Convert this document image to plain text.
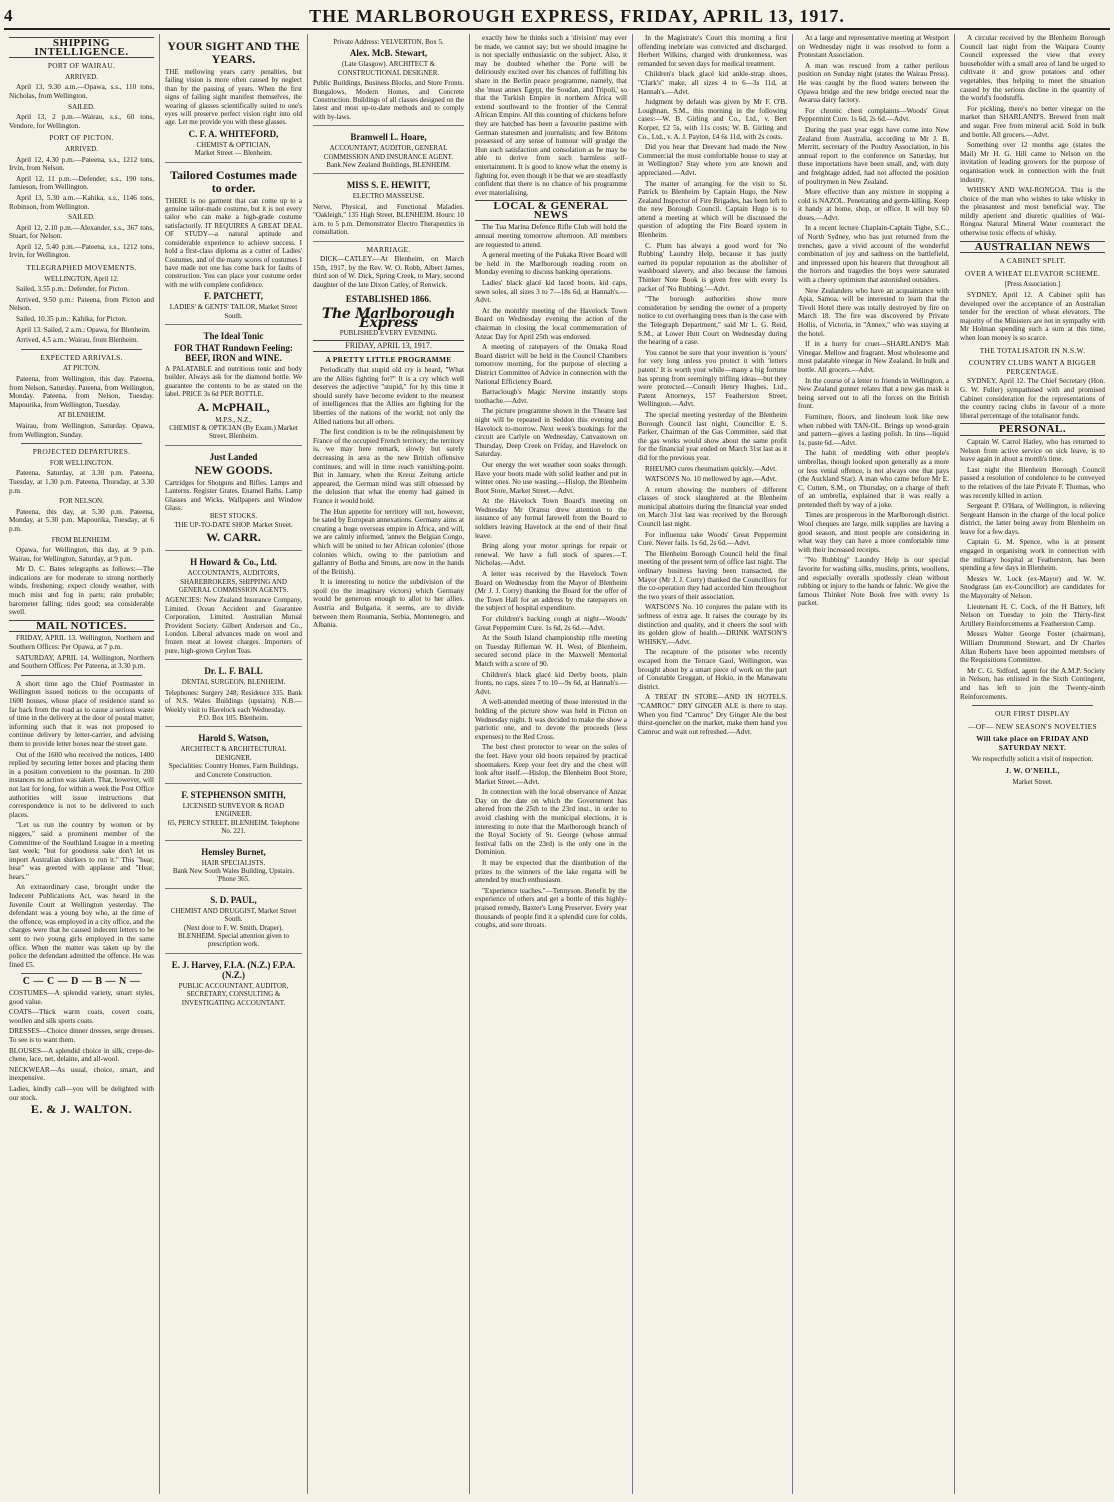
4	THE MARLBOROUGH EXPRESS, FRIDAY, APRIL 13, 1917.
SHIPPING INTELLIGENCE.
PORT OF WAIRAU.
ARRIVED.

April 13, 9.30 a.m.—Opawa, s.s., 110 tons, Nicholas, from Wellington.

SAILED.

April 13, 2 p.m.—Wairau, s.s., 60 tons, Vendore, for Wellington.

PORT OF PICTON.
ARRIVED.

April 12, 4.30 p.m.—Pateena, s.s., 1212 tons, Irvin, from Nelson.

April 12, 11 p.m.—Defender, s.s., 190 tons, Jamieson, from Wellington.

April 13, 5.30 a.m.—Kahika, s.s., 1146 tons, Robinson, from Wellington.

SAILED.

April 12, 2.10 p.m.—Alexander, s.s., 367 tons, Stuart, for Nelson.

April 12, 5.40 p.m.—Pateena, s.s., 1212 tons, Irvin, for Wellington.

TELEGRAPHED MOVEMENTS.
WELLINGTON, April 12.

Sailed, 3.55 p.m.: Defender, for Picton.

Arrived, 9.50 p.m.: Pateena, from Picton and Nelson.

Sailed, 10.35 p.m.: Kahika, for Picton.

April 13. Sailed, 2 a.m.: Opawa, for Blenheim.

Arrived, 4.5 a.m.: Wairau, from Blenheim.

EXPECTED ARRIVALS.
AT PICTON.

Pateena, from Wellington, this day. Pateena, from Nelson, Saturday. Pateena, from Wellington, Monday. Pateena, from Nelson, Tuesday. Mapourika, from Wellington, Tuesday.

AT BLENHEIM.

Wairau, from Wellington, Saturday. Opawa, from Wellington, Sunday.

PROJECTED DEPARTURES.
FOR WELLINGTON.

Pateena, Saturday, at 3.30 p.m. Pateena, Tuesday, at 1.30 p.m. Pateena, Thursday, at 3.30 p.m.

FOR NELSON.

Pateena, this day, at 5.30 p.m. Pateena, Monday, at 5.30 p.m. Mapourika, Tuesday, at 6 p.m.

FROM BLENHEIM.

Opawa, for Wellington, this day, at 9 p.m. Wairau, for Wellington, Saturday, at 9 p.m.

Mr D. C. Bates telegraphs as follows:—The indications are for moderate to strong northerly winds, freshening; expect cloudy weather, with much mist and fog in parts; rain probable; barometer falling; tides good; sea considerable swell.

MAIL NOTICES.

FRIDAY, APRIL 13. Wellington, Northern and Southern Offices: Per Opawa, at 7 p.m.

SATURDAY, APRIL 14. Wellington, Northern and Southern Offices: Per Pateena, at 3.30 p.m.

A short time ago the Chief Postmaster in Wellington issued notices to the occupants of 1600 houses, whose place of residence stand so far back from the road as to cause a serious waste of time in the delivery at the door of postal matter, informing such that it was not proposed to continue delivery by letter-carrier, and advising them to provide letter boxes near the street gate.

Out of the 1600 who received the notices, 1400 replied by securing letter boxes and placing them in a position convenient to the postman. In 200 instances no action was taken. That, however, will not last for long, for within a week the Post Office authorities will issue instructions that correspondence is not to be delivered to such places.

"Let us run the country by women or by niggers," said a prominent member of the Committee of the Southland League in a meeting last week; "but for goodness sake don't let us import Australian shirkers to run it." This "hear, hear" was greeted with applause and "Hear, hears."

An extraordinary case, brought under the Indecent Publications Act, was heard in the Juvenile Court at Wellington yesterday. The defendant was a young boy who, at the time of the offence, was employed in a city office, and the charges were that he caused indecent letters to be sent to two young girls employed in the same office. When the matter was taken up by the police the defendant admitted the offence. He was fined £5.

C — C — D — B — N —

COSTUMES—A splendid variety, smart styles, good value.

COATS—Thick warm coats, covert coats, woollen and silk sports coats.

DRESSES—Choice dinner dresses, serge dresses. To see is to want them.

BLOUSES—A splendid choice in silk, crepe-de-chene, lace, net, delaine, and all-wool.

NECKWEAR—As usual, choice, smart, and inexpensive.

Ladies, kindly call—you will be delighted with our stock.

E. & J. WALTON.
YOUR SIGHT AND THE YEARS.
THE mellowing years carry penalties, but failing vision is more often caused by neglect than by the passing of years. When the first signs of failing sight manifest themselves, the wearing of glasses scientifically suited to one's eyes will preserve perfect vision right into old age. Let me provide you with these glasses.
C. F. A. WHITEFORD,
CHEMIST & OPTICIAN,
Market Street — Blenheim.
Tailored Costumes made to order.
THERE is no garment that can come up to a genuine tailor-made costume, but it is not every tailor who can make a high-grade costume satisfactorily. IT REQUIRES A GREAT DEAL OF STUDY—a natural aptitude and considerable experience to achieve success. I hold a first-class diploma as a cutter of Ladies' Costumes, and of the many scores of costumes I have made not one has come back for faults of construction. You can place your costume order with me with complete confidence.
F. PATCHETT,
LADIES' & GENTS' TAILOR, Market Street South.
The Ideal Tonic
FOR THAT Rundown Feeling: BEEF, IRON and WINE.
A PALATABLE and nutritious tonic and body builder. Always ask for the diamond bottle. We guarantee the contents to be as stated on the label. PRICE 3s 6d PER BOTTLE.
A. McPHAIL,
M.P.S., N.Z.,
CHEMIST & OPTICIAN (By Exam.) Market Street, Blenheim.
Just Landed
NEW GOODS.
Cartridges for Shotguns and Rifles. Lamps and Lanterns. Register Grates. Enamel Baths. Lamp Glasses and Wicks. Wallpapers and Window Glass.
BEST STOCKS.
THE UP-TO-DATE SHOP. Market Street.
W. CARR.
H Howard & Co., Ltd.
ACCOUNTANTS, AUDITORS, SHAREBROKERS, SHIPPING AND GENERAL COMMISSION AGENTS.
AGENCIES: New Zealand Insurance Company, Limited. Ocean Accident and Guarantee Corporation, Limited. Australian Mutual Provident Society. Gilbert Anderson and Co., London. Liberal advances made on wool and frozen meat at lowest charges. Importers of pure, high-grown Ceylon Teas.
Dr. L. F. BALL
DENTAL SURGEON, BLENHEIM.
Telephones: Surgery 248; Residence 335. Bank of N.S. Wales Buildings (upstairs). N.B.—Weekly visit to Havelock each Wednesday.
P.O. Box 105. Blenheim.
Harold S. Watson,
ARCHITECT & ARCHITECTURAL DESIGNER.
Specialities: Country Homes, Farm Buildings, and Concrete Construction.
F. STEPHENSON SMITH,
LICENSED SURVEYOR & ROAD ENGINEER.
65, PERCY STREET, BLENHEIM. Telephone No. 221.
Hemsley Burnet,
HAIR SPECIALISTS.
Bank New South Wales Building, Upstairs. 'Phone 365.
S. D. PAUL,
CHEMIST AND DRUGGIST, Market Street South.
(Next door to F. W. Smith, Draper). BLENHEIM. Special attention given to prescription work.
E. J. Harvey, F.I.A. (N.Z.) F.P.A. (N.Z.)
PUBLIC ACCOUNTANT, AUDITOR, SECRETARY, CONSULTING & INVESTIGATING ACCOUNTANT.
Private Address: YELVERTON, Box 5.
Alex. McB. Stewart,
(Late Glasgow). ARCHITECT & CONSTRUCTIONAL DESIGNER.
Public Buildings, Business Blocks, and Store Fronts. Bungalows, Modern Homes, and Concrete Construction. Buildings of all classes designed on the latest and most up-to-date methods and to comply with by-laws.
Bramwell L. Hoare,
ACCOUNTANT, AUDITOR, GENERAL COMMISSION AND INSURANCE AGENT.
Bank New Zealand Buildings, BLENHEIM.
MISS S. E. HEWITT,
ELECTRO MASSEUSE.
Nerve, Physical, and Functional Maladies. "Oakleigh," 135 High Street, BLENHEIM. Hours: 10 a.m. to 5 p.m. Demonstrator Electro Therapeutics in consultation.
MARRIAGE.

DICK—CATLEY.—At Blenheim, on March 15th, 1917, by the Rev. W. O. Robb, Albert James, third son of W. Dick, Spring Creek, to Mary, second daughter of the late Dixon Catley, of Renwick.

ESTABLISHED 1866.
The Marlborough Express
PUBLISHED EVERY EVENING.
FRIDAY, APRIL 13, 1917.
A PRETTY LITTLE PROGRAMME

Periodically that stupid old cry is heard, "What are the Allies fighting for?" It is a cry which well deserves the adjective "stupid," for by this time it should surely have become evident to the meanest of intelligences that the Allies are fighting for the liberties of the nations of the world; not only the Allied nations but all others.

The first condition is to be the relinquishment by France of the occupied French territory; the territory is, we may here remark, slowly but surely decreasing in area as the new British offensive continues, and will in time reach vanishing-point. But in January, when the Kreuz Zeitung article appeared, the German mind was still obsessed by the delusion that what the enemy had gained in France it would hold.

The Hun appetite for territory will not, however, be sated by European annexations. Germany aims at creating a huge overseas empire in Africa, and will, we are calmly informed, 'annex the Belgian Congo, which will be united to her African colonies' (those colonies which, owing to the patriotism and gallantry of Botha and Smuts, are now in the hands of the British).

It is interesting to notice the subdivision of the spoil (to the imaginary victors) which Germany would be generous enough to allot to her allies. Austria and Bulgaria, it seems, are to divide between them Roumania, Serbia, Montenegro, and Albania.

exactly how he thinks such a 'division' may ever be made, we cannot say; but we should imagine he is not specially enthusiastic on the subject. Also, it may be doubted whether the Porte will be deliriously excited over his chances of fulfilling his share in the Berlin peace programme, namely, that she 'must annex Egypt, the Soudan, and Tripoli,' so that the Turkish Empire in northern Africa will extend southward to the frontier of the Central African Empire. All this counting of chickens before they are hatched has been a favourite pastime with German statesmen and journalists; and few Britons possessed of any sense of humour will grudge the Hun such satisfaction and consolation as he may be able to derive from such harmless self-entertainment. It is good to know what the enemy is fighting for, even though it be that we are steadfastly confident that there is no chance of his programme ever materialising.

LOCAL & GENERAL NEWS

The Tua Marina Defence Rifle Club will hold the annual meeting tomorrow afternoon. All members are requested to attend.

A general meeting of the Pukaka River Board will be held in the Marlborough reading room on Monday evening to discuss banking operations.

Ladies' black glacé kid laced boots, kid caps, sewn soles, all sizes 3 to 7—18s 6d, at Hannah's.—Advt.

At the monthly meeting of the Havelock Town Board on Wednesday evening the action of the chairman in closing the local commemoration of Anzac Day for April 25th was endorsed.

A meeting of ratepayers of the Omaka Road Board district will be held in the Council Chambers tomorrow morning, for the purpose of electing a District Committee of Advice in connection with the National Efficiency Board.

Barraclough's Magic Nervine instantly stops toothache.—Advt.

The picture programme shown in the Theatre last night will be repeated in Seddon this evening and Havelock to-morrow. Next week's bookings for the circuit are Carlyle on Wednesday, Canvastown on Thursday, Deep Creek on Friday, and Havelock on Saturday.

Our energy the wet weather soon soaks through. Have your boots made with solid leather and put in winter ones. No use wasting.—Hislop, the Blenheim Boot Store, Market Street.—Advt.

At the Havelock Town Board's meeting on Wednesday Mr Oransu drew attention to the issuance of any formal farewell from the Board to soldiers leaving Havelock at the end of their final leave.

Bring along your motor springs for repair or renewal. We have a full stock of spares.—T. Nicholas.—Advt.

A letter was received by the Havelock Town Board on Wednesday from the Mayor of Blenheim (Mr J. J. Corry) thanking the Board for the offer of the Town Hall for an address by the ratepayers on the subject of hospital expenditure.

For children's hacking cough at night—Woods' Great Peppermint Cure. 1s 6d, 2s 6d.—Advt.

At the South Island championship rifle meeting on Tuesday Rifleman W. H. West, of Blenheim, secured second place in the Maxwell Memorial Match with a score of 90.

Children's black glacé kid Derby boots, plain fronts, no caps, sizes 7 to 10—9s 6d, at Hannah's.—Advt.

A well-attended meeting of those interested in the holding of the picture show was held in Picton on Wednesday night. It was decided to make the show a patriotic one, and to devote the proceeds (less expenses) to the Red Cross.

The best chest protector to wear on the soles of the feet. Have your old boots repaired by practical shoemakers. Keep your feet dry and the chest will look after itself.—Hislop, the Blenheim Boot Store, Market Street.—Advt.

In connection with the local observance of Anzac Day on the date on which the Government has altered from the 25th to the 23rd inst., in order to avoid clashing with the municipal elections, it is interesting to note that the Marlborough branch of the Royal Society of St. George (whose annual festival falls on the 23rd) is the only one in the Dominion.

It may be expected that the distribution of the prizes to the winners of the lake regatta will be attended by much enthusiasm.

"Experience teaches."—Tennyson. Benefit by the experience of others and get a bottle of this highly-praised remedy, Baxter's Lung Preserver. Every year thousands of people find it a splendid cure for colds, coughs, and sore throats.

In the Magistrate's Court this morning a first offending inebriate was convicted and discharged. Herbert Wilkins, charged with drunkenness, was remanded for seven days for medical treatment.

Children's black glacé kid ankle-strap shoes, "Clark's" make, all sizes 4 to 6—3s 11d, at Hannah's.—Advt.

Judgment by default was given by Mr F. O'B. Loughnan, S.M., this morning in the following cases:—W. B. Girling and Co., Ltd., v. Bert Korper, £2 5s, with 11s costs; W. B. Girling and Co., Ltd., v. A. J. Payton, £4 6s 11d, with 2s costs.

Did you hear that Deevant had made the New Commercial the most comfortable house to stay at in Wellington? Stay where you are known and appreciated.—Advt.

The matter of arranging for the visit to St. Patrick to Blenheim by Captain Hugo, the New Zealand Inspector of Fire Brigades, has been left to the new Borough Council. Captain Hugo is to attend a meeting at which will be discussed the question of adopting the Fire Board system in Blenheim.

C. Plum has always a good word for 'No Rubbing' Laundry Help, because it has justly earned its popular reputation as the abolisher of washboard slavery, and also because the famous Thinker Note Book is given free with every 1s packet of 'No Rubbing.'—Advt.

"The borough authorities show more consideration by sending the owner of a property notice to cut overhanging trees than is the case with the Telegraph Department," said Mr L. G. Reid, S.M., at Lower Hutt Court on Wednesday during the hearing of a case.

You cannot be sure that your invention is 'yours' for very long unless you protect it with 'letters patent.' It is worth your while—many a big fortune has sprung from seemingly trifling ideas—but they were protected.—Consult Henry Hughes, Ltd., Patent Attorneys, 157 Featherston Street, Wellington.—Advt.

The special meeting yesterday of the Blenheim Borough Council last night, Councillor E. S. Parker, Chairman of the Gas Committee, said that the gas works would show about the same profit for the financial year ended on March 31st last as it did for the previous year.

RHEUMO cures rheumatism quickly.—Advt.

WATSON'S No. 10 mellowed by age.—Advt.

A return showing the numbers of different classes of stock slaughtered at the Blenheim municipal abattoirs during the financial year ended on March 31st last was received by the Borough Council last night.

For influenza take Woods' Great Peppermint Cure. Never fails. 1s 6d, 2s 6d.—Advt.

The Blenheim Borough Council held the final meeting of the present term of office last night. The ordinary business having been transacted, the Mayor (Mr J. J. Corry) thanked the Councillors for the co-operation they had accorded him throughout the two years of their association.

WATSON'S No. 10 conjures the palate with its softness of extra age. It raises the courage by its distinction and quality, and it cheers the soul with its golden glow of health.—DRINK WATSON'S WHISKY.—Advt.

The recapture of the prisoner who recently escaped from the Terrace Gaol, Wellington, was brought about by a smart piece of work on the part of Constable Greggan, of Hokio, in the Manawatu district.

A TREAT IN STORE—AND IN HOTELS. "CAMROC" DRY GINGER ALE is there to stay. When you find "Camroc" Dry Ginger Ale the best thirst-quencher on the market, make them hand you Camroc and wait out refreshed.—Advt.

At a large and representative meeting at Westport on Wednesday night it was resolved to form a Protestant Association.

A man was rescued from a rather perilous position on Sunday night (states the Wairau Press). He was caught by the flood waters between the Opawa bridge and the new bridge erected near the Awarua dairy factory.

For chronic chest complaints—Woods' Great Peppermint Cure. 1s 6d, 2s 6d.—Advt.

During the past year eggs have come into New Zealand from Australia, according to Mr J. B. Merritt, secretary of the Poultry Association, in his annual report to the conference on Saturday, but these importations have been small, and, with duty and freightage added, had not affected the position of poultrymen in New Zealand.

More effective than any mixture in stopping a cold is NAZOL. Penetrating and germ-killing. Keep it handy at home, shop, or office. It will buy 60 doses.—Advt.

In a recent lecture Chaplain-Captain Tighe, S.C., of North Sydney, who has just returned from the trenches, gave a vivid account of the wonderful combination of joy and sadness on the battlefield, and impressed upon his hearers that throughout all the horrors and tragedies the boys were saturated with a cheery optimism that astonished outsiders.

New Zealanders who have an acquaintance with Apia, Samoa, will be interested to learn that the Tivoli Hotel there was totally destroyed by fire on March 18. The fire was discovered by Private Hollis, of Victoria, in "Annex," who was staying at the hotel.

If in a hurry for cruet—SHARLAND'S Malt Vinegar. Mellow and fragrant. Most wholesome and most palatable vinegar in New Zealand. In bulk and bottle. All grocers.—Advt.

In the course of a letter to friends in Wellington, a New Zealand gunner relates that a new gas mask is being served out to all the forces on the British front.

Furniture, floors, and linoleum look like new when rubbed with TAN-OL. Brings up wood-grain and pattern—gives a lasting polish. In tins—liquid 1s, paste 6d.—Advt.

The habit of meddling with other people's umbrellas, though looked upon generally as a more or less venial offence, is not always one that pays (the Auckland Star). A man who came before Mr E. C. Cutten, S.M., on Thursday, on a charge of theft of an umbrella, explained that it was really a pretended theft by way of a joke.

Times are prosperous in the Marlborough district. Wool cheques are large, milk supplies are having a good season, and most people are considering in what way they can have a more comfortable time with their increased receipts.

"No Rubbing" Laundry Help is our special favorite for washing silks, muslins, prints, woollens, and especially overalls spotlessly clean without rubbing or injury to the hands or fabric. We give the famous Thinker Note Book free with every 1s packet.

A circular received by the Blenheim Borough Council last night from the Waipara County Council expressed the view that every householder with a small area of land be urged to cultivate it and grow potatoes and other vegetables, thus helping to meet the situation caused by the serious decline in the quantity of the world's foodstuffs.

For pickling, there's no better vinegar on the market than SHARLAND'S. Brewed from malt and sugar. Free from mineral acid. Sold in bulk and bottle. All grocers.—Advt.

Something over 12 months ago (states the Mail) Mr H. G. Hill came to Nelson on the invitation of leading growers for the purpose of organisation work in connection with the fruit industry.

WHISKY AND WAI-RONGOA. This is the choice of the man who wishes to take whisky in the pleasantest and most beneficial way. The mildly aperient and diuretic qualities of Wai-Rongoa Natural Mineral Water counteract the otherwise toxic effects of whisky.

AUSTRALIAN NEWS
A CABINET SPLIT.
OVER A WHEAT ELEVATOR SCHEME.
[Press Association.]

SYDNEY, April 12. A Cabinet split has developed over the acceptance of an Australian tender for the erection of wheat elevators. The majority of the Ministers are not in sympathy with Mr Holman spending such a sum at this time, when loan money is so scarce.

THE TOTALISATOR IN N.S.W.
COUNTRY CLUBS WANT A BIGGER PERCENTAGE.

SYDNEY, April 12. The Chief Secretary (Hon. G. W. Fuller) sympathised with and promised Cabinet consideration for the representations of the country racing clubs in favour of a more liberal percentage of the totalisator funds.

PERSONAL.

Captain W. Carrol Hatley, who has returned to Nelson from active service on sick leave, is to leave again in about a month's time.

Last night the Blenheim Borough Council passed a resolution of condolence to be conveyed to the relatives of the late Private F. Thomas, who was recently killed in action.

Sergeant P. O'Hara, of Wellington, is relieving Sergeant Hanson in the charge of the local police district, the latter being away from Blenheim on leave for a few days.

Captain G. M. Spence, who is at present engaged in organising work in connection with the military hospital at Featherston, has been spending a few days in Blenheim.

Messrs W. Lock (ex-Mayor) and W. W. Snodgrass (an ex-Councillor) are candidates for the Mayoralty of Nelson.

Lieutenant H. C. Cock, of the H Battery, left Nelson on Tuesday to join the Thirty-first Artillery Reinforcements at Featherston Camp.

Messrs Walter George Foster (chairman), William Drummond Stewart, and Dr Charles Allan Roberts have been appointed members of the Requisitions Committee.

Mr C. G. Sidford, agent for the A.M.P. Society in Nelson, has enlisted in the Sixth Contingent, and has left to join the Twenty-ninth Reinforcements.

OUR FIRST DISPLAY
—OF— NEW SEASON'S NOVELTIES
Will take place on FRIDAY AND SATURDAY NEXT.
We respectfully solicit a visit of inspection.
J. W. O'NEILL,
Market Street.
